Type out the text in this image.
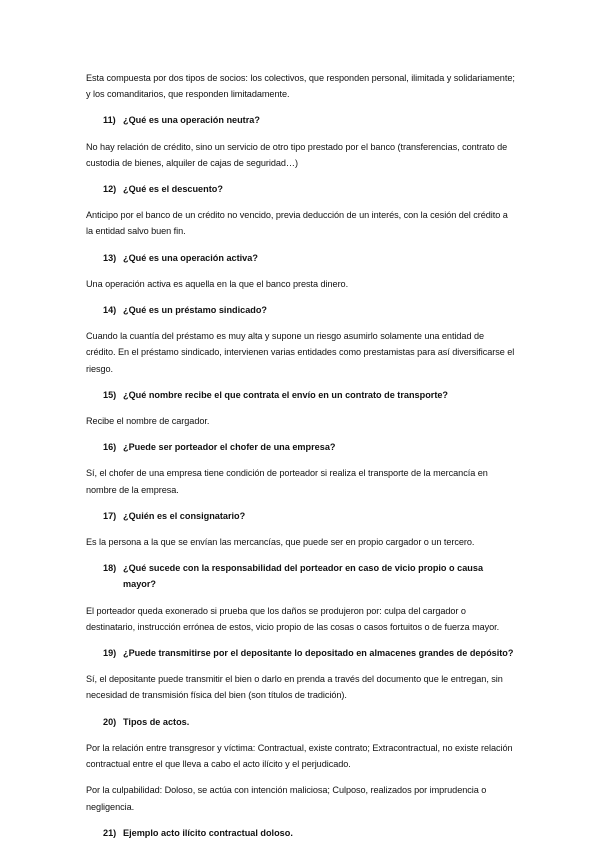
Esta compuesta por dos tipos de socios: los colectivos, que responden personal, ilimitada y solidariamente; y los comanditarios, que responden limitadamente.

11) ¿Qué es una operación neutra?

No hay relación de crédito, sino un servicio de otro tipo prestado por el banco (transferencias, contrato de custodia de bienes, alquiler de cajas de seguridad…)

12) ¿Qué es el descuento?

Anticipo por el banco de un crédito no vencido, previa deducción de un interés, con la cesión del crédito a la entidad salvo buen fin.

13) ¿Qué es una operación activa?

Una operación activa es aquella en la que el banco presta dinero.

14) ¿Qué es un préstamo sindicado?

Cuando la cuantía del préstamo es muy alta y supone un riesgo asumirlo solamente una entidad de crédito. En el préstamo sindicado, intervienen varias entidades como prestamistas para así diversificarse el riesgo.

15) ¿Qué nombre recibe el que contrata el envío en un contrato de transporte?

Recibe el nombre de cargador.

16) ¿Puede ser porteador el chofer de una empresa?

Sí, el chofer de una empresa tiene condición de porteador si realiza el transporte de la mercancía en nombre de la empresa.

17) ¿Quién es el consignatario?

Es la persona a la que se envían las mercancías, que puede ser en propio cargador o un tercero.

18) ¿Qué sucede con la responsabilidad del porteador en caso de vicio propio o causa mayor?

El porteador queda exonerado si prueba que los daños se produjeron por: culpa del cargador o destinatario, instrucción errónea de estos, vicio propio de las cosas o casos fortuitos o de fuerza mayor.

19) ¿Puede transmitirse por el depositante lo depositado en almacenes grandes de depósito?

Sí, el depositante puede transmitir el bien o darlo en prenda a través del documento que le entregan, sin necesidad de transmisión física del bien (son títulos de tradición).

20) Tipos de actos.

Por la relación entre transgresor y víctima: Contractual, existe contrato; Extracontractual, no existe relación contractual entre el que lleva a cabo el acto ilícito y el perjudicado.

Por la culpabilidad: Doloso, se actúa con intención maliciosa; Culposo, realizados por imprudencia o negligencia.

21) Ejemplo acto ilícito contractual doloso.
